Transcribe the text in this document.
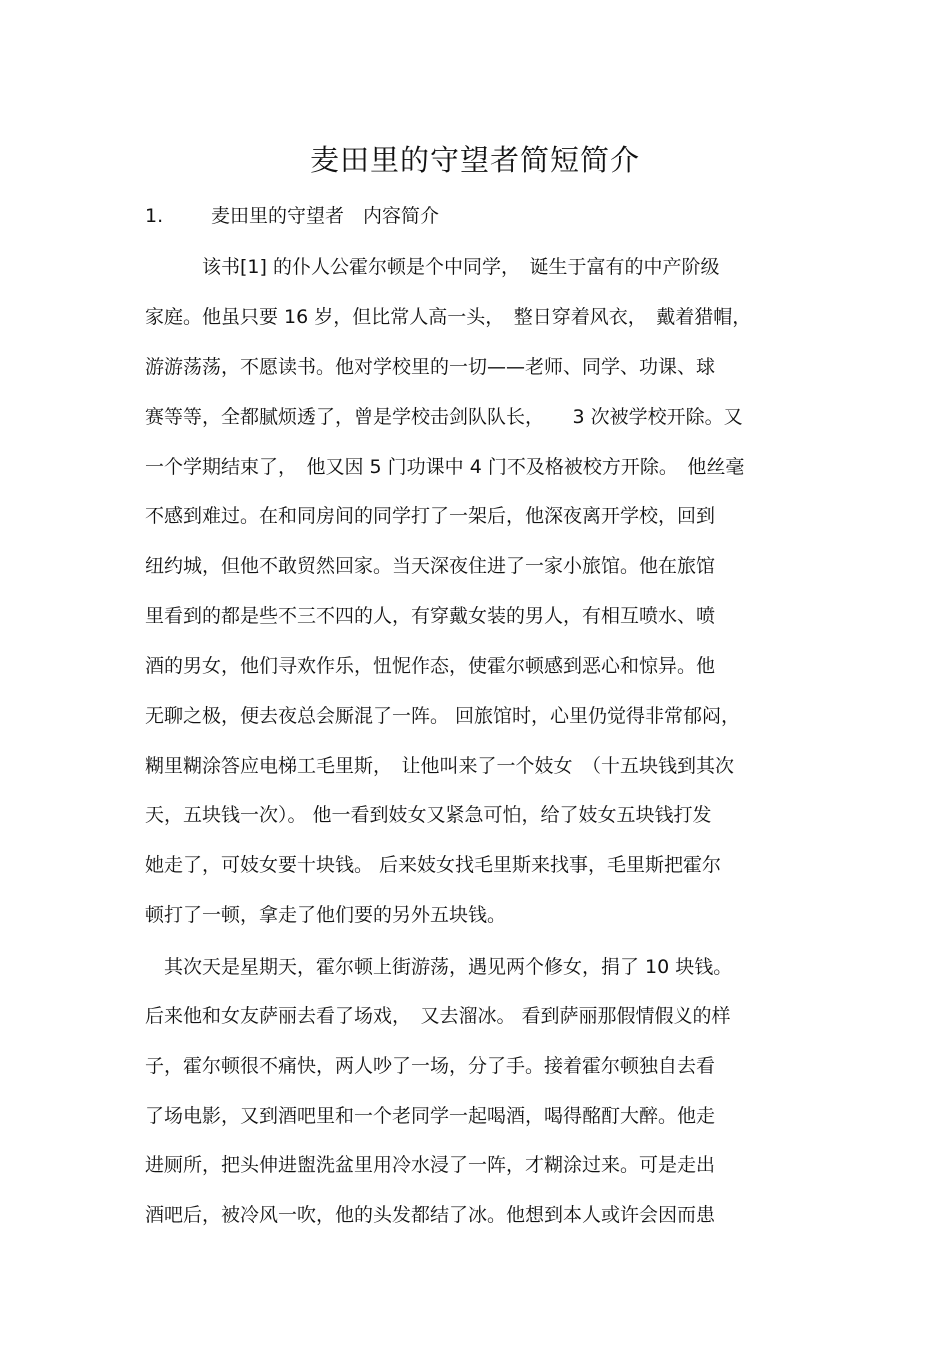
麦田里的守望者简短简介
1.	麦田里的守望者　内容简介
　　　该书[1] 的仆人公霍尔顿是个中同学，　诞生于富有的中产阶级
家庭。他虽只要 16 岁，但比常人高一头，　整日穿着风衣，　戴着猎帽，
游游荡荡，不愿读书。他对学校里的一切——老师、同学、功课、球
赛等等，全都腻烦透了，曾是学校击剑队队长，　　3 次被学校开除。又
一个学期结束了，　他又因 5 门功课中 4 门不及格被校方开除。　他丝毫
不感到难过。在和同房间的同学打了一架后，他深夜离开学校，回到
纽约城，但他不敢贸然回家。当天深夜住进了一家小旅馆。他在旅馆
里看到的都是些不三不四的人，有穿戴女装的男人，有相互喷水、喷
酒的男女，他们寻欢作乐，忸怩作态，使霍尔顿感到恶心和惊异。他
无聊之极，便去夜总会厮混了一阵。 回旅馆时，心里仍觉得非常郁闷，
糊里糊涂答应电梯工毛里斯，　让他叫来了一个妓女　（十五块钱到其次
天，五块钱一次）。 他一看到妓女又紧急可怕，给了妓女五块钱打发
她走了，可妓女要十块钱。 后来妓女找毛里斯来找事，毛里斯把霍尔
顿打了一顿，拿走了他们要的另外五块钱。
　其次天是星期天，霍尔顿上街游荡，遇见两个修女，捐了 10 块钱。
后来他和女友萨丽去看了场戏，　又去溜冰。 看到萨丽那假情假义的样
子，霍尔顿很不痛快，两人吵了一场，分了手。接着霍尔顿独自去看
了场电影，又到酒吧里和一个老同学一起喝酒，喝得酩酊大醉。他走
进厕所，把头伸进盥洗盆里用冷水浸了一阵，才糊涂过来。可是走出
酒吧后，被冷风一吹，他的头发都结了冰。他想到本人或许会因而患
